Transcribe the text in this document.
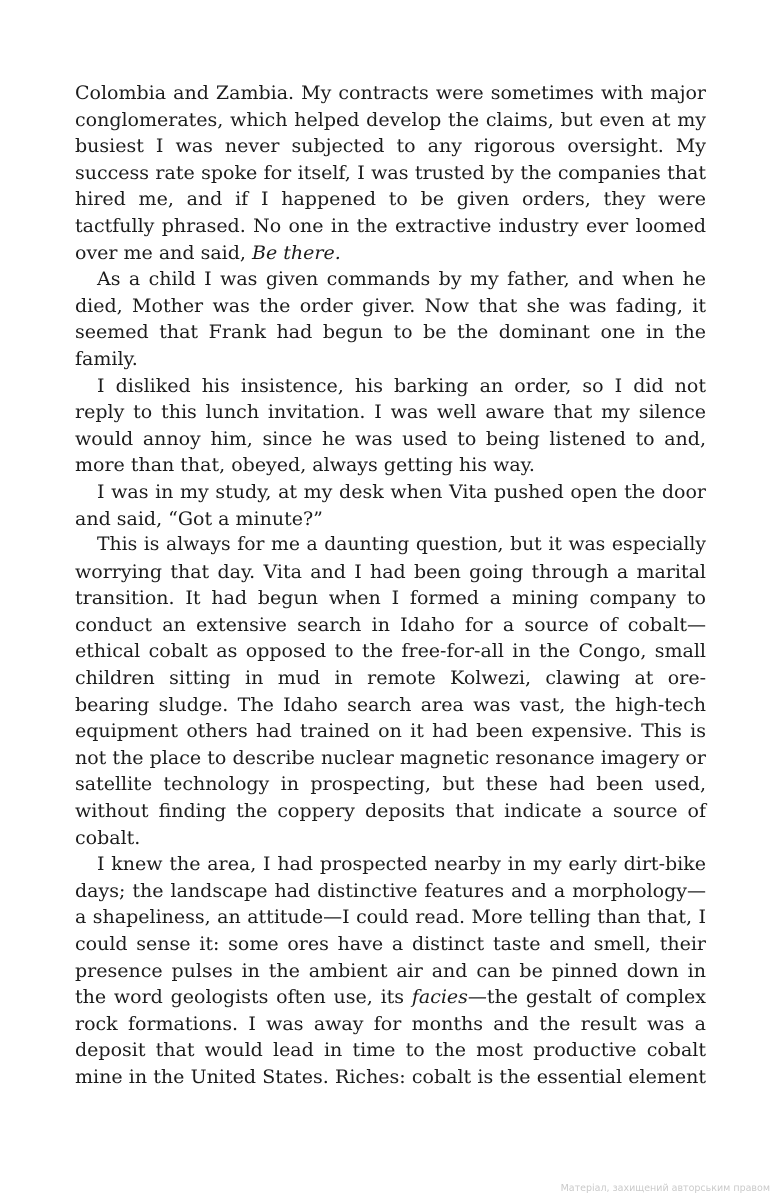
Colombia and Zambia. My contracts were sometimes with major
conglomerates, which helped develop the claims, but even at my
busiest I was never subjected to any rigorous oversight. My
success rate spoke for itself, I was trusted by the companies that
hired me, and if I happened to be given orders, they were
tactfully phrased. No one in the extractive industry ever loomed
over me and said, Be there.
As a child I was given commands by my father, and when he
died, Mother was the order giver. Now that she was fading, it
seemed that Frank had begun to be the dominant one in the
family.
I disliked his insistence, his barking an order, so I did not
reply to this lunch invitation. I was well aware that my silence
would annoy him, since he was used to being listened to and,
more than that, obeyed, always getting his way.
I was in my study, at my desk when Vita pushed open the door
and said, “Got a minute?”
This is always for me a daunting question, but it was especially
worrying that day. Vita and I had been going through a marital
transition. It had begun when I formed a mining company to
conduct an extensive search in Idaho for a source of cobalt—
ethical cobalt as opposed to the free-for-all in the Congo, small
children sitting in mud in remote Kolwezi, clawing at ore-
bearing sludge. The Idaho search area was vast, the high-tech
equipment others had trained on it had been expensive. This is
not the place to describe nuclear magnetic resonance imagery or
satellite technology in prospecting, but these had been used,
without finding the coppery deposits that indicate a source of
cobalt.
I knew the area, I had prospected nearby in my early dirt-bike
days; the landscape had distinctive features and a morphology—
a shapeliness, an attitude—I could read. More telling than that, I
could sense it: some ores have a distinct taste and smell, their
presence pulses in the ambient air and can be pinned down in
the word geologists often use, its facies—the gestalt of complex
rock formations. I was away for months and the result was a
deposit that would lead in time to the most productive cobalt
mine in the United States. Riches: cobalt is the essential element
Матеріал, захищений авторським правом
